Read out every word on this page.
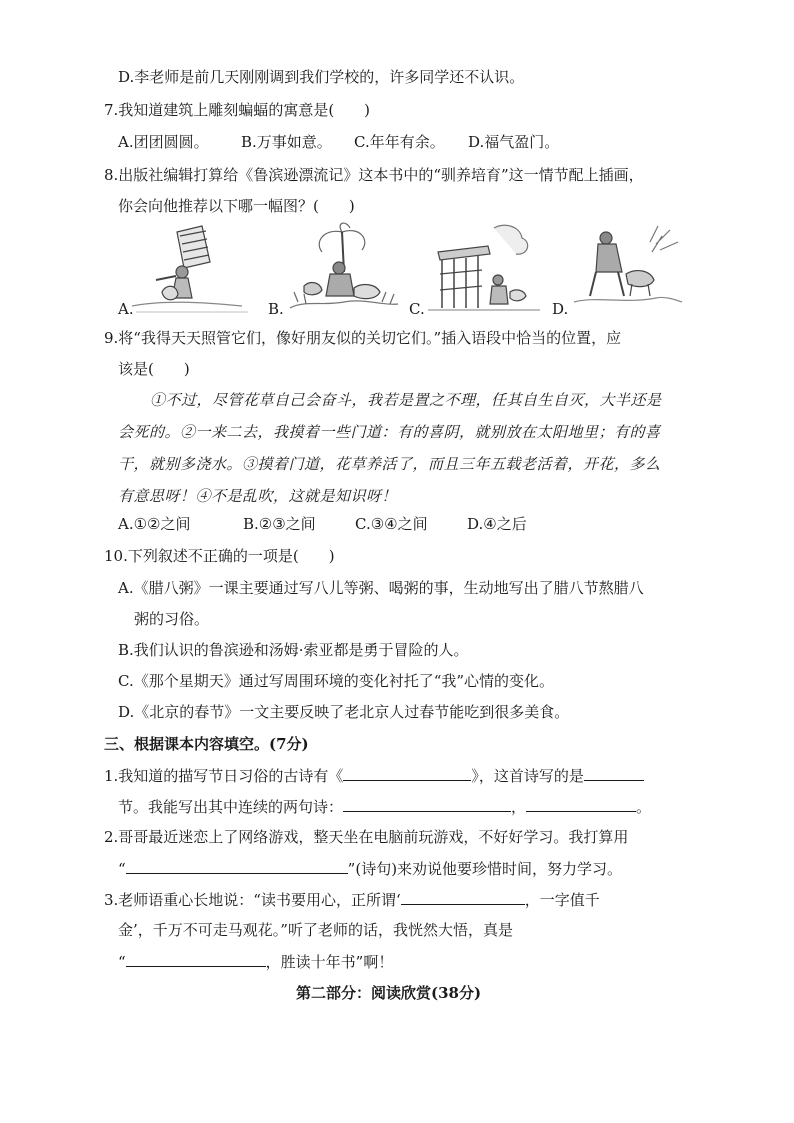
D.李老师是前几天刚刚调到我们学校的，许多同学还不认识。
7.我知道建筑上雕刻蝙蝠的寓意是(　　)
A.团团圆圆。	B.万事如意。	C.年年有余。	D.福气盈门。
8.出版社编辑打算给《鲁滨逊漂流记》这本书中的“驯养培育”这一情节配上插画，
你会向他推荐以下哪一幅图？(　　)
A.	B.	C.	D.
9.将“我得天天照管它们，像好朋友似的关切它们。”插入语段中恰当的位置，应
该是(　　)
①不过，尽管花草自己会奋斗，我若是置之不理，任其自生自灭，大半还是
会死的。②一来二去，我摸着一些门道：有的喜阴，就别放在太阳地里；有的喜
干，就别多浇水。③摸着门道，花草养活了，而且三年五载老活着，开花，多么
有意思呀！④不是乱吹，这就是知识呀！
A.①②之间	B.②③之间	C.③④之间	D.④之后
10.下列叙述不正确的一项是(　　)
A.《腊八粥》一课主要通过写八儿等粥、喝粥的事，生动地写出了腊八节熬腊八
粥的习俗。
B.我们认识的鲁滨逊和汤姆·索亚都是勇于冒险的人。
C.《那个星期天》通过写周围环境的变化衬托了“我”心情的变化。
D.《北京的春节》一文主要反映了老北京人过春节能吃到很多美食。
三、根据课本内容填空。(7分)
1.我知道的描写节日习俗的古诗有《	》，这首诗写的是
节。我能写出其中连续的两句诗：	，	。
2.哥哥最近迷恋上了网络游戏，整天坐在电脑前玩游戏，不好好学习。我打算用
“	”(诗句)来劝说他要珍惜时间，努力学习。
3.老师语重心长地说：“读书要用心，正所谓‘	，一字值千
金’，千万不可走马观花。”听了老师的话，我恍然大悟，真是
“	，胜读十年书”啊！
第二部分：阅读欣赏(38分)
